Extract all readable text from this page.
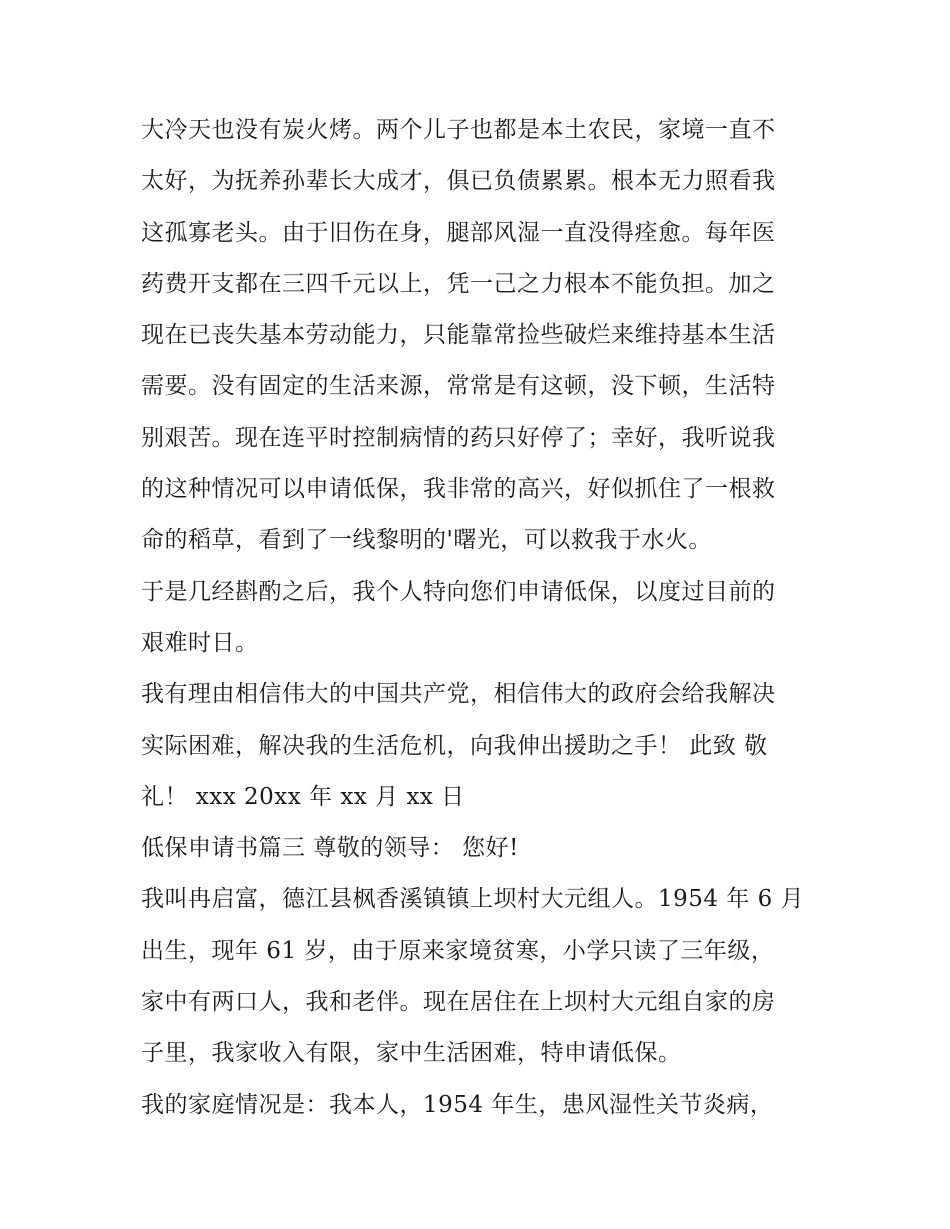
大冷天也没有炭火烤。两个儿子也都是本土农民，家境一直不
太好，为抚养孙辈长大成才，俱已负债累累。根本无力照看我
这孤寡老头。由于旧伤在身，腿部风湿一直没得痊愈。每年医
药费开支都在三四千元以上，凭一己之力根本不能负担。加之
现在已丧失基本劳动能力，只能靠常捡些破烂来维持基本生活
需要。没有固定的生活来源，常常是有这顿，没下顿，生活特
别艰苦。现在连平时控制病情的药只好停了；幸好，我听说我
的这种情况可以申请低保，我非常的高兴，好似抓住了一根救
命的稻草，看到了一线黎明的'曙光，可以救我于水火。
于是几经斟酌之后，我个人特向您们申请低保，以度过目前的
艰难时日。
我有理由相信伟大的中国共产党，相信伟大的政府会给我解决
实际困难，解决我的生活危机，向我伸出援助之手！ 此致 敬
礼！ xxx 20xx 年 xx 月 xx 日
低保申请书篇三 尊敬的领导： 您好!
我叫冉启富，德江县枫香溪镇镇上坝村大元组人。1954 年 6 月
出生，现年 61 岁，由于原来家境贫寒，小学只读了三年级，
家中有两口人，我和老伴。现在居住在上坝村大元组自家的房
子里，我家收入有限，家中生活困难，特申请低保。
我的家庭情况是：我本人，1954 年生，患风湿性关节炎病，
